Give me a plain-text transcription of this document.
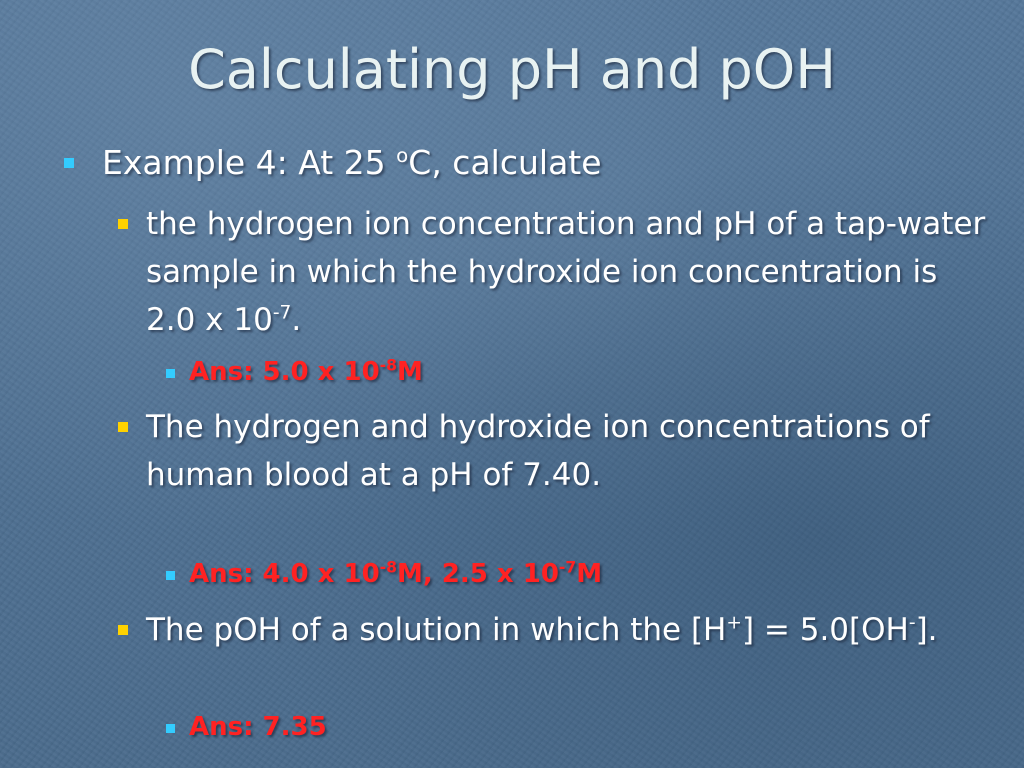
Calculating pH and pOH
Example 4: At 25 $^o$C, calculate
the hydrogen ion concentration and pH of a tap-water sample in which the hydroxide ion concentration is 2.0 x $10^{-7}$.
Ans: 5.0 x $10^{-8}M$
The hydrogen and hydroxide ion concentrations of human blood at a pH of 7.40.
Ans: 4.0 x $10^{-8}M$, 2.5 x $10^{-7}M$
The pOH of a solution in which the [H+] = 5.0[OH-].
Ans: 7.35
